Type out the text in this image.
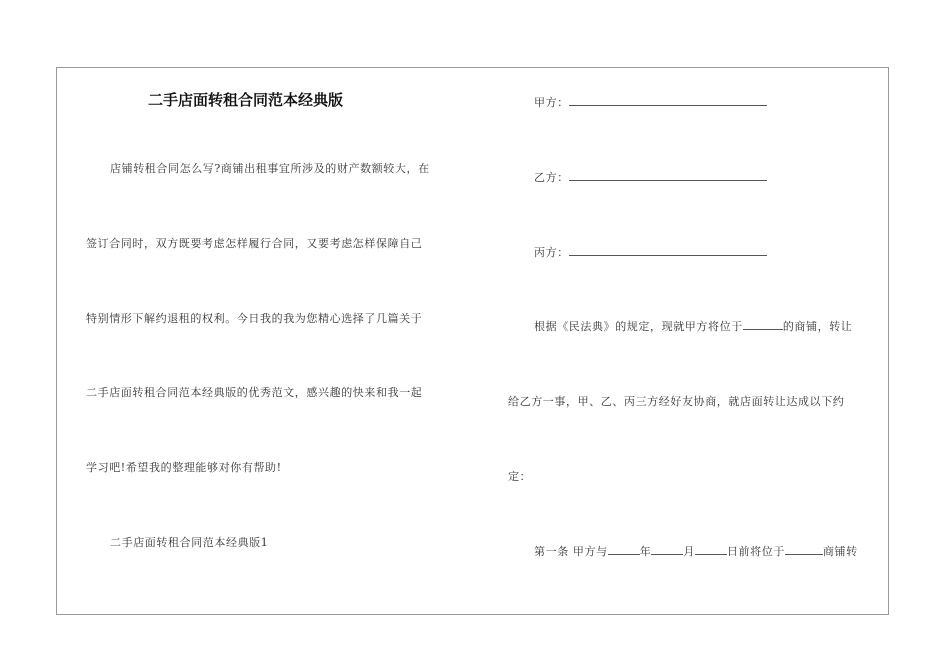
二手店面转租合同范本经典版
店铺转租合同怎么写?商铺出租事宜所涉及的财产数额较大，在
签订合同时，双方既要考虑怎样履行合同，又要考虑怎样保障自己
特别情形下解约退租的权利。今日我的我为您精心选择了几篇关于
二手店面转租合同范本经典版的优秀范文，感兴趣的快来和我一起
学习吧!希望我的整理能够对你有帮助!
二手店面转租合同范本经典版1
甲方：
乙方：
丙方：
根据《民法典》的规定，现就甲方将位于	的商铺，转让
给乙方一事，甲、乙、丙三方经好友协商，就店面转让达成以下约
定：
第一条 甲方与	年	月	日前将位于	商铺转
